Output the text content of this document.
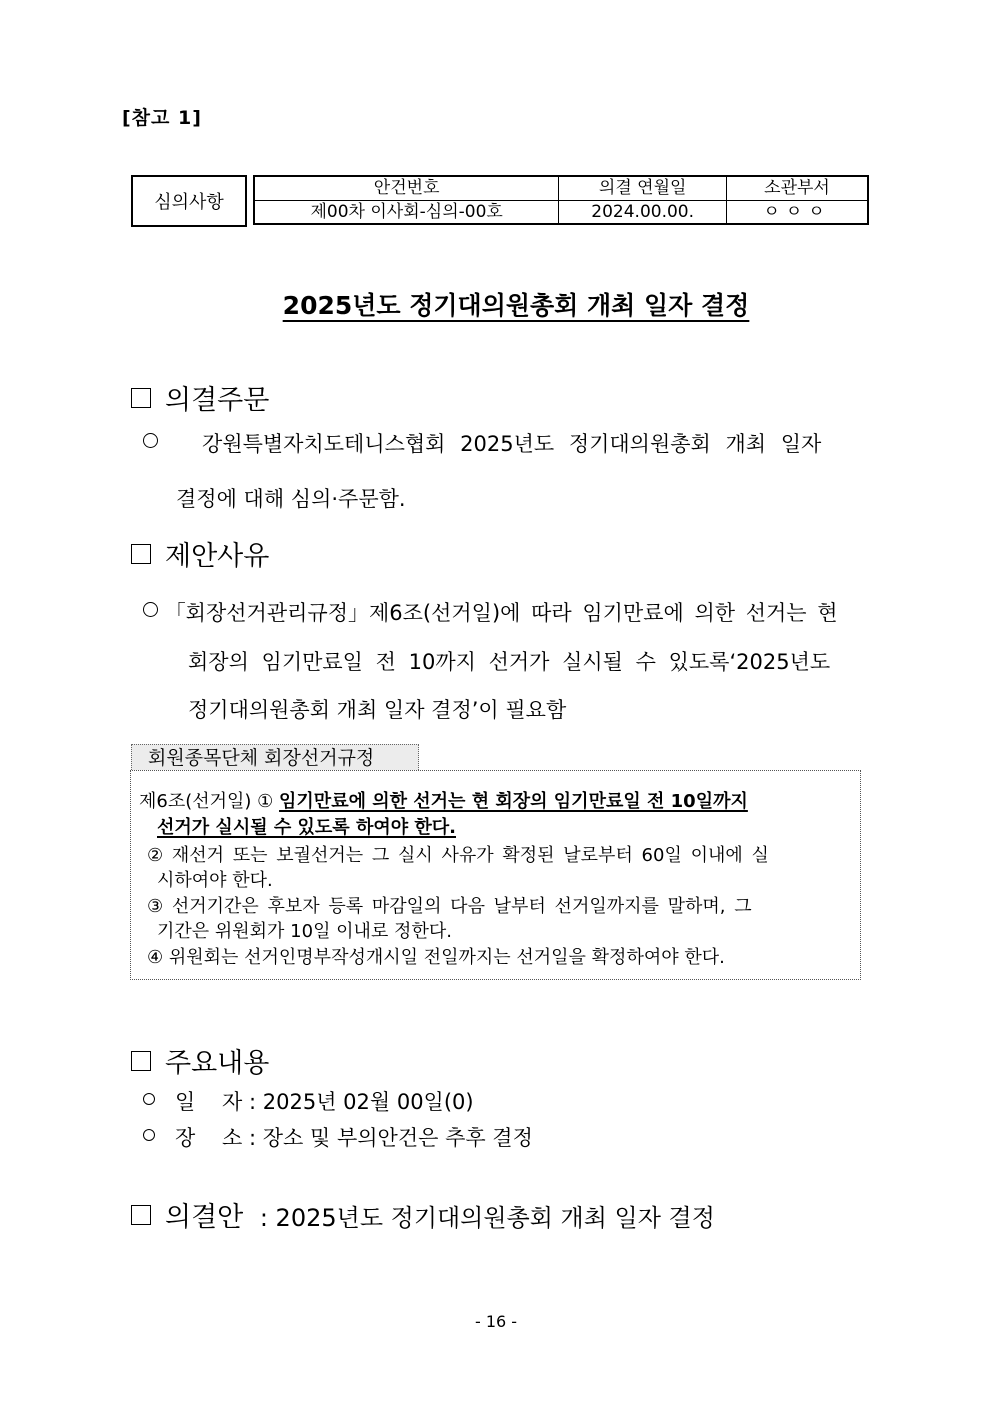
[참고 1]
심의사항
안건번호	의결 연월일	소관부서
제00차 이사회-심의-00호	2024.00.00.	ㅇㅇㅇ
2025년도 정기대의원총회 개최 일자 결정
의결주문
강원특별자치도테니스협회 2025년도 정기대의원총회 개최 일자
결정에 대해 심의·주문함.
제안사유
「회장선거관리규정」제6조(선거일)에 따라 임기만료에 의한 선거는 현
회장의 임기만료일 전 10까지 선거가 실시될 수 있도록‘2025년도
정기대의원총회 개최 일자 결정’이 필요함
회원종목단체 회장선거규정
제6조(선거일) ① 임기만료에 의한 선거는 현 회장의 임기만료일 전 10일까지
선거가 실시될 수 있도록 하여야 한다.
② 재선거 또는 보궐선거는 그 실시 사유가 확정된 날로부터 60일 이내에 실
시하여야 한다.
③ 선거기간은 후보자 등록 마감일의 다음 날부터 선거일까지를 말하며, 그
기간은 위원회가 10일 이내로 정한다.
④ 위원회는 선거인명부작성개시일 전일까지는 선거일을 확정하여야 한다.
주요내용
일    자 : 2025년 02월 00일(0)
장    소 : 장소 및 부의안건은 추후 결정
의결안 : 2025년도 정기대의원총회 개최 일자 결정
- 16 -
